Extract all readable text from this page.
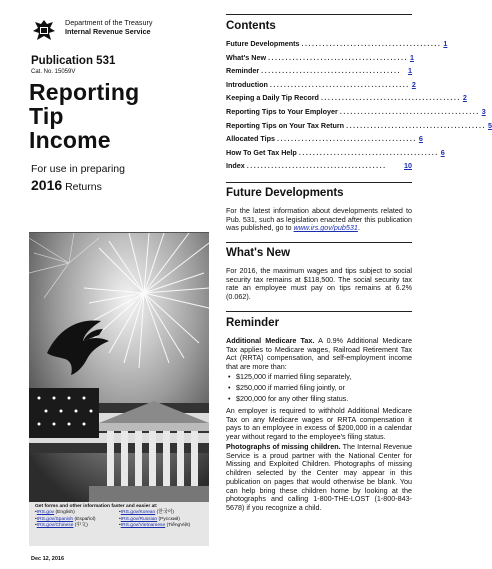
Department of the Treasury
Internal Revenue Service
Publication 531
Cat. No. 15059V
Reporting
Tip
Income
For use in preparing
2016 Returns
Get forms and other information faster and easier at:
• IRS.gov (English)
• IRS.gov/Spanish (Español)
• IRS.gov/Chinese (中文)
• IRS.gov/Korean (한국어)
• IRS.gov/Russian (Pусский)
• IRS.gov/Vietnamese (TiếngViệt)
Dec 12, 2016
Contents
Future Developments ........................................ 1
What's New ........................................ 1
Reminder ........................................ 1
Introduction ........................................ 2
Keeping a Daily Tip Record ........................................ 2
Reporting Tips to Your Employer ........................................ 3
Reporting Tips on Your Tax Return ........................................ 5
Allocated Tips ........................................ 6
How To Get Tax Help ........................................ 6
Index ........................................	10
Future Developments
For the latest information about developments related to Pub. 531, such as legislation enacted after this publication was published, go to www.irs.gov/pub531.
What's New
For 2016, the maximum wages and tips subject to social security tax remains at $118,500. The social security tax rate an employee must pay on tips remains at 6.2% (0.062).
Reminder
Additional Medicare Tax. A 0.9% Additional Medicare Tax applies to Medicare wages, Railroad Retirement Tax Act (RRTA) compensation, and self-employment income that are more than:
• $125,000 if married filing separately,
• $250,000 if married filing jointly, or
• $200,000 for any other filing status.
An employer is required to withhold Additional Medicare Tax on any Medicare wages or RRTA compensation it pays to an employee in excess of $200,000 in a calendar year without regard to the employee's filing status.
Photographs of missing children. The Internal Revenue Service is a proud partner with the National Center for Missing and Exploited Children. Photographs of missing children selected by the Center may appear in this publication on pages that would otherwise be blank. You can help bring these children home by looking at the photographs and calling 1-800-THE-LOST (1-800-843-5678) if you recognize a child.
